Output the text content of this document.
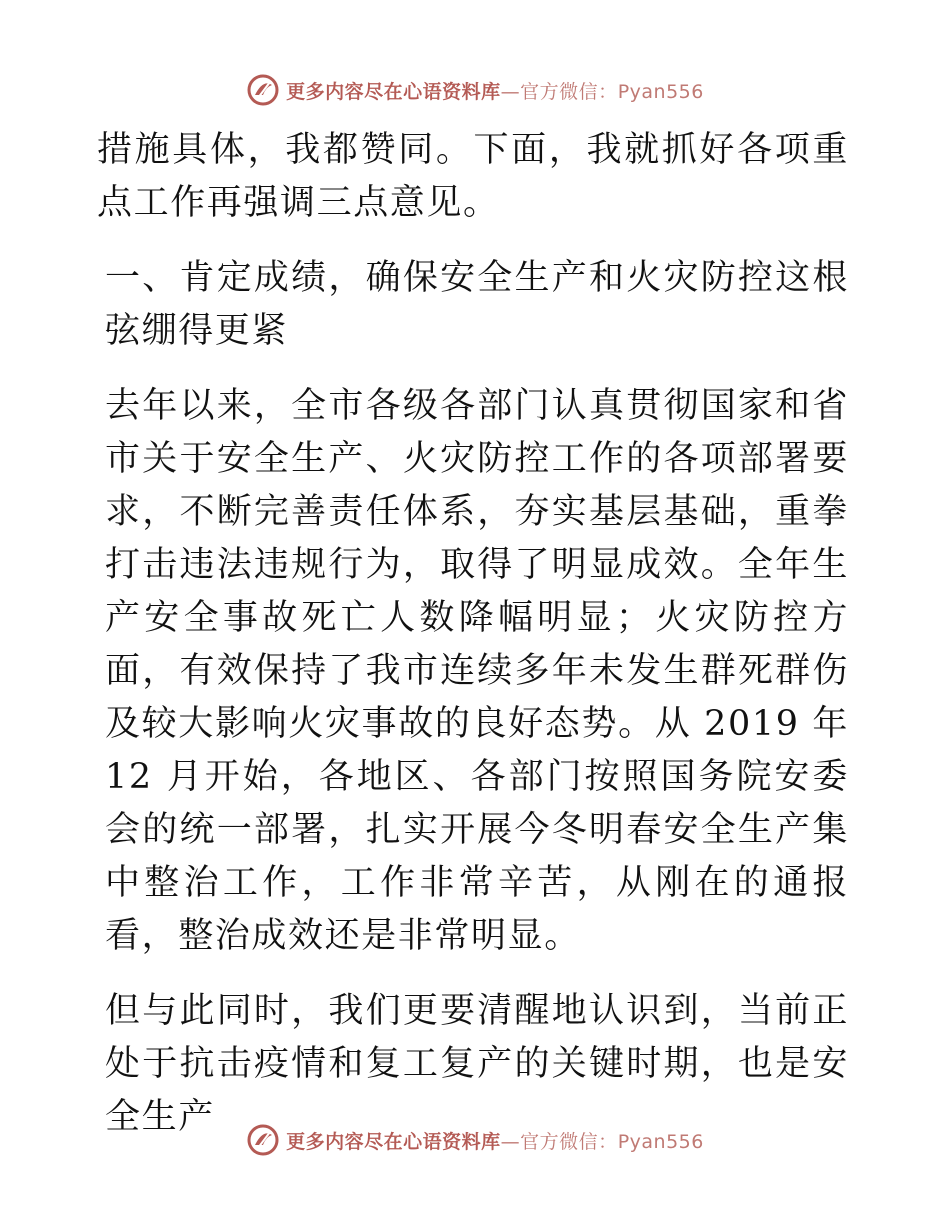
更多内容尽在心语资料库—官方微信：Pyan556

措施具体，我都赞同。下面，我就抓好各项重点工作再强调三点意见。

一、肯定成绩，确保安全生产和火灾防控这根弦绷得更紧

去年以来，全市各级各部门认真贯彻国家和省市关于安全生产、火灾防控工作的各项部署要求，不断完善责任体系，夯实基层基础，重拳打击违法违规行为，取得了明显成效。全年生产安全事故死亡人数降幅明显；火灾防控方面，有效保持了我市连续多年未发生群死群伤及较大影响火灾事故的良好态势。从 2019 年 12 月开始，各地区、各部门按照国务院安委会的统一部署，扎实开展今冬明春安全生产集中整治工作，工作非常辛苦，从刚在的通报看，整治成效还是非常明显。

但与此同时，我们更要清醒地认识到，当前正处于抗击疫情和复工复产的关键时期，也是安全生产

更多内容尽在心语资料库—官方微信：Pyan556
